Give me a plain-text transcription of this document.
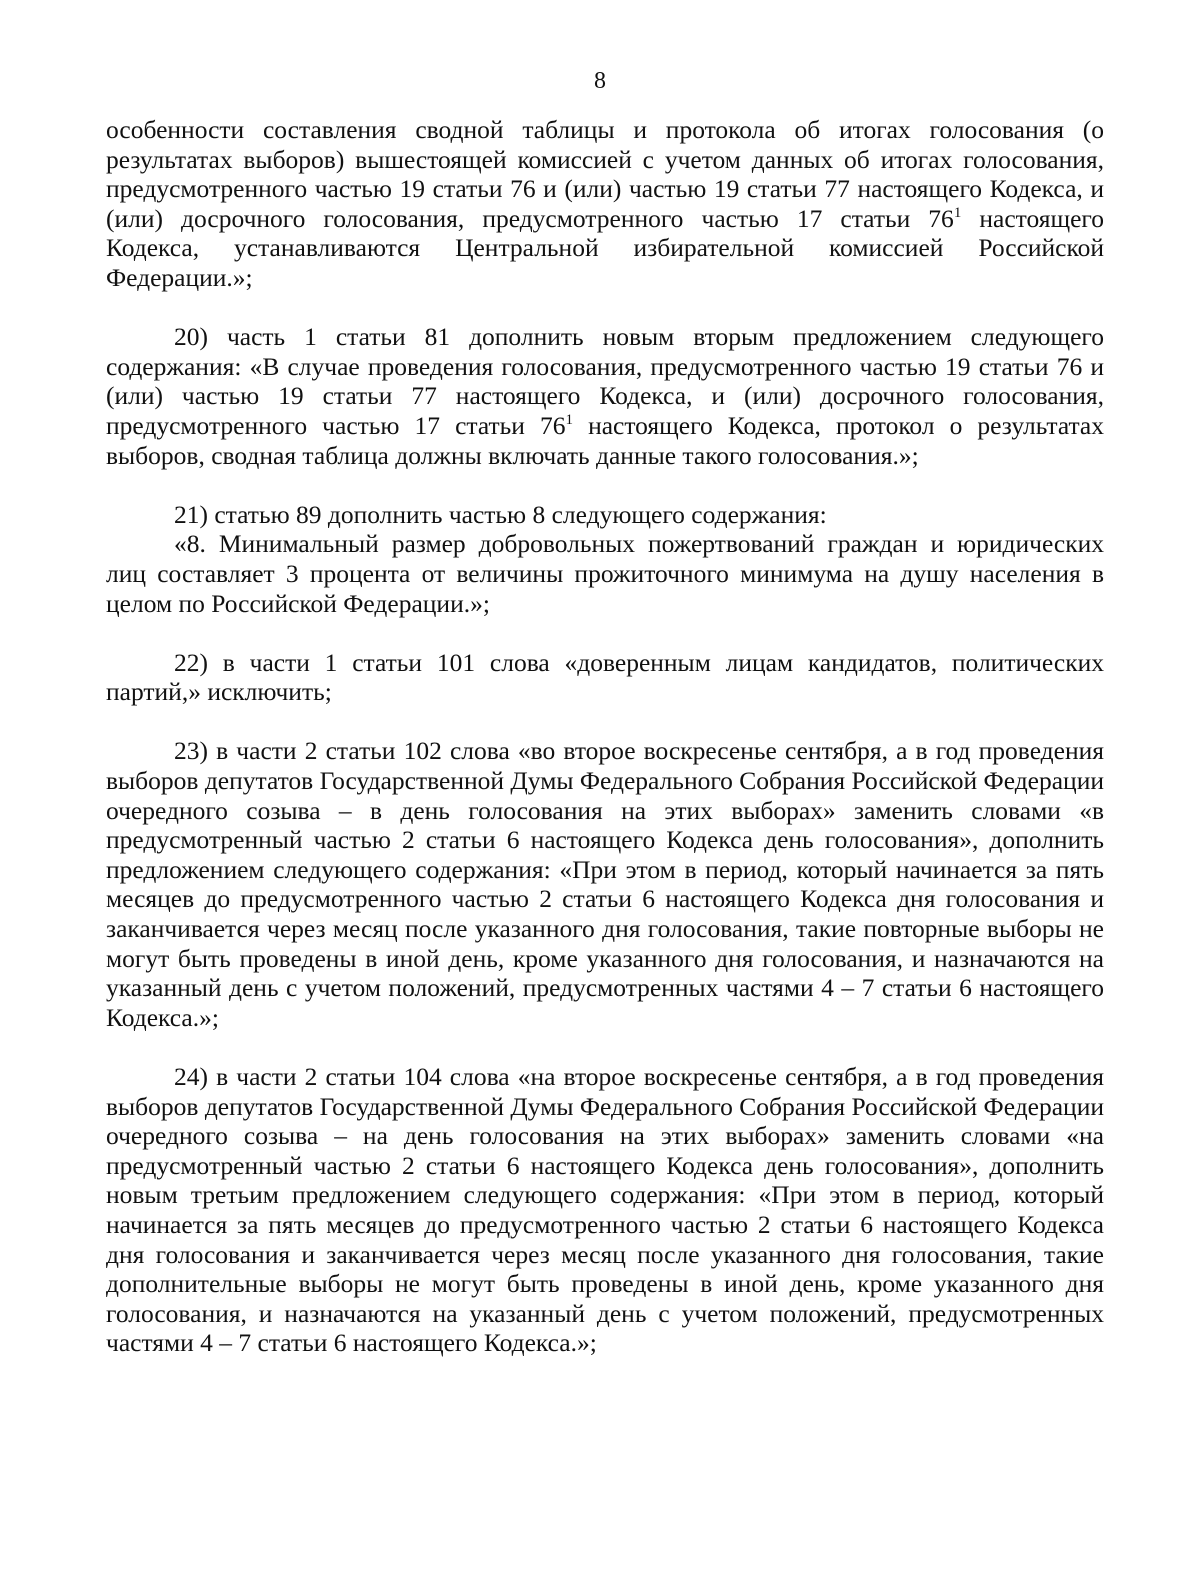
8

особенности составления сводной таблицы и протокола об итогах голосования (о результатах выборов) вышестоящей комиссией с учетом данных об итогах голосования, предусмотренного частью 19 статьи 76 и (или) частью 19 статьи 77 настоящего Кодекса, и (или) досрочного голосования, предусмотренного частью 17 статьи $76^1$ настоящего Кодекса, устанавливаются Центральной избирательной комиссией Российской Федерации.»;

20) часть 1 статьи 81 дополнить новым вторым предложением следующего содержания: «В случае проведения голосования, предусмотренного частью 19 статьи 76 и (или) частью 19 статьи 77 настоящего Кодекса, и (или) досрочного голосования, предусмотренного частью 17 статьи $76^1$ настоящего Кодекса, протокол о результатах выборов, сводная таблица должны включать данные такого голосования.»;

21) статью 89 дополнить частью 8 следующего содержания:

«8. Минимальный размер добровольных пожертвований граждан и юридических лиц составляет 3 процента от величины прожиточного минимума на душу населения в целом по Российской Федерации.»;

22) в части 1 статьи 101 слова «доверенным лицам кандидатов, политических партий,» исключить;

23) в части 2 статьи 102 слова «во второе воскресенье сентября, а в год проведения выборов депутатов Государственной Думы Федерального Собрания Российской Федерации очередного созыва – в день голосования на этих выборах» заменить словами «в предусмотренный частью 2 статьи 6 настоящего Кодекса день голосования», дополнить предложением следующего содержания: «При этом в период, который начинается за пять месяцев до предусмотренного частью 2 статьи 6 настоящего Кодекса дня голосования и заканчивается через месяц после указанного дня голосования, такие повторные выборы не могут быть проведены в иной день, кроме указанного дня голосования, и назначаются на указанный день с учетом положений, предусмотренных частями 4 – 7 статьи 6 настоящего Кодекса.»;

24) в части 2 статьи 104 слова «на второе воскресенье сентября, а в год проведения выборов депутатов Государственной Думы Федерального Собрания Российской Федерации очередного созыва – на день голосования на этих выборах» заменить словами «на предусмотренный частью 2 статьи 6 настоящего Кодекса день голосования», дополнить новым третьим предложением следующего содержания: «При этом в период, который начинается за пять месяцев до предусмотренного частью 2 статьи 6 настоящего Кодекса дня голосования и заканчивается через месяц после указанного дня голосования, такие дополнительные выборы не могут быть проведены в иной день, кроме указанного дня голосования, и назначаются на указанный день с учетом положений, предусмотренных частями 4 – 7 статьи 6 настоящего Кодекса.»;
